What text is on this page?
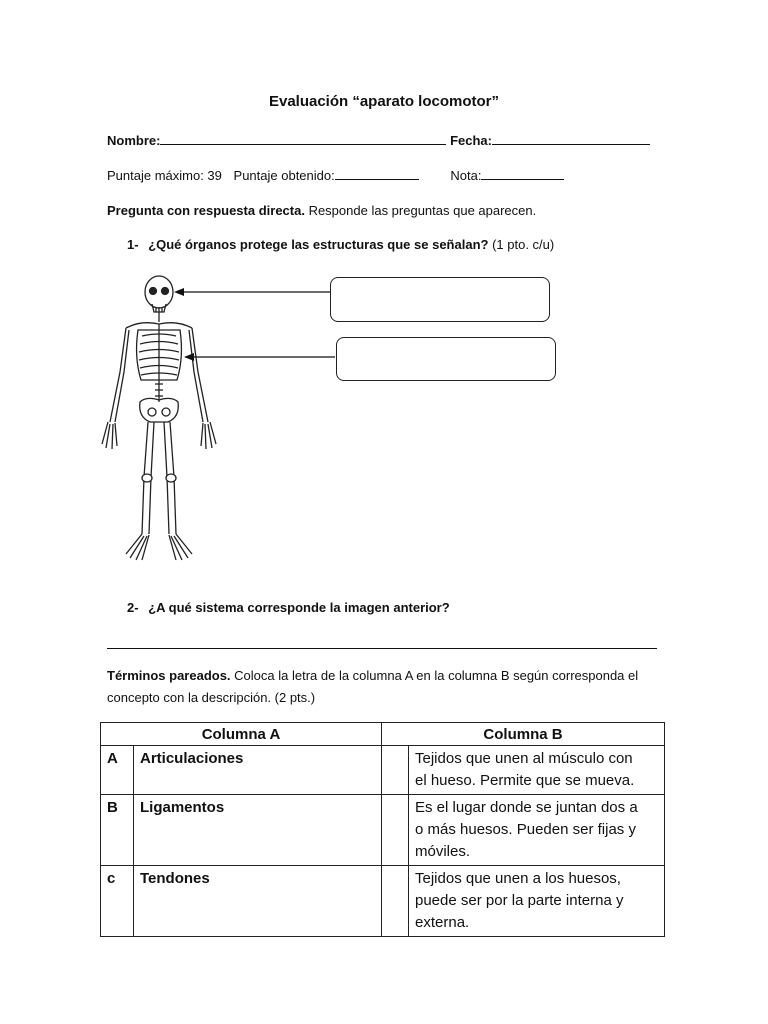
Evaluación “aparato locomotor”
Nombre:	Fecha:
Puntaje máximo: 39 Puntaje obtenido:	Nota:
Pregunta con respuesta directa. Responde las preguntas que aparecen.
1- ¿Qué órganos protege las estructuras que se señalan? (1 pto. c/u)
2- ¿A qué sistema corresponde la imagen anterior?
Términos pareados. Coloca la letra de la columna A en la columna B según corresponda el
concepto con la descripción. (2 pts.)
Columna A		Columna B	
A	Articulaciones		Tejidos que unen al músculo con
el hueso. Permite que se mueva.
B	Ligamentos		Es el lugar donde se juntan dos a
o más huesos. Pueden ser fijas y
móviles.
c	Tendones		Tejidos que unen a los huesos,
puede ser por la parte interna y
externa.
